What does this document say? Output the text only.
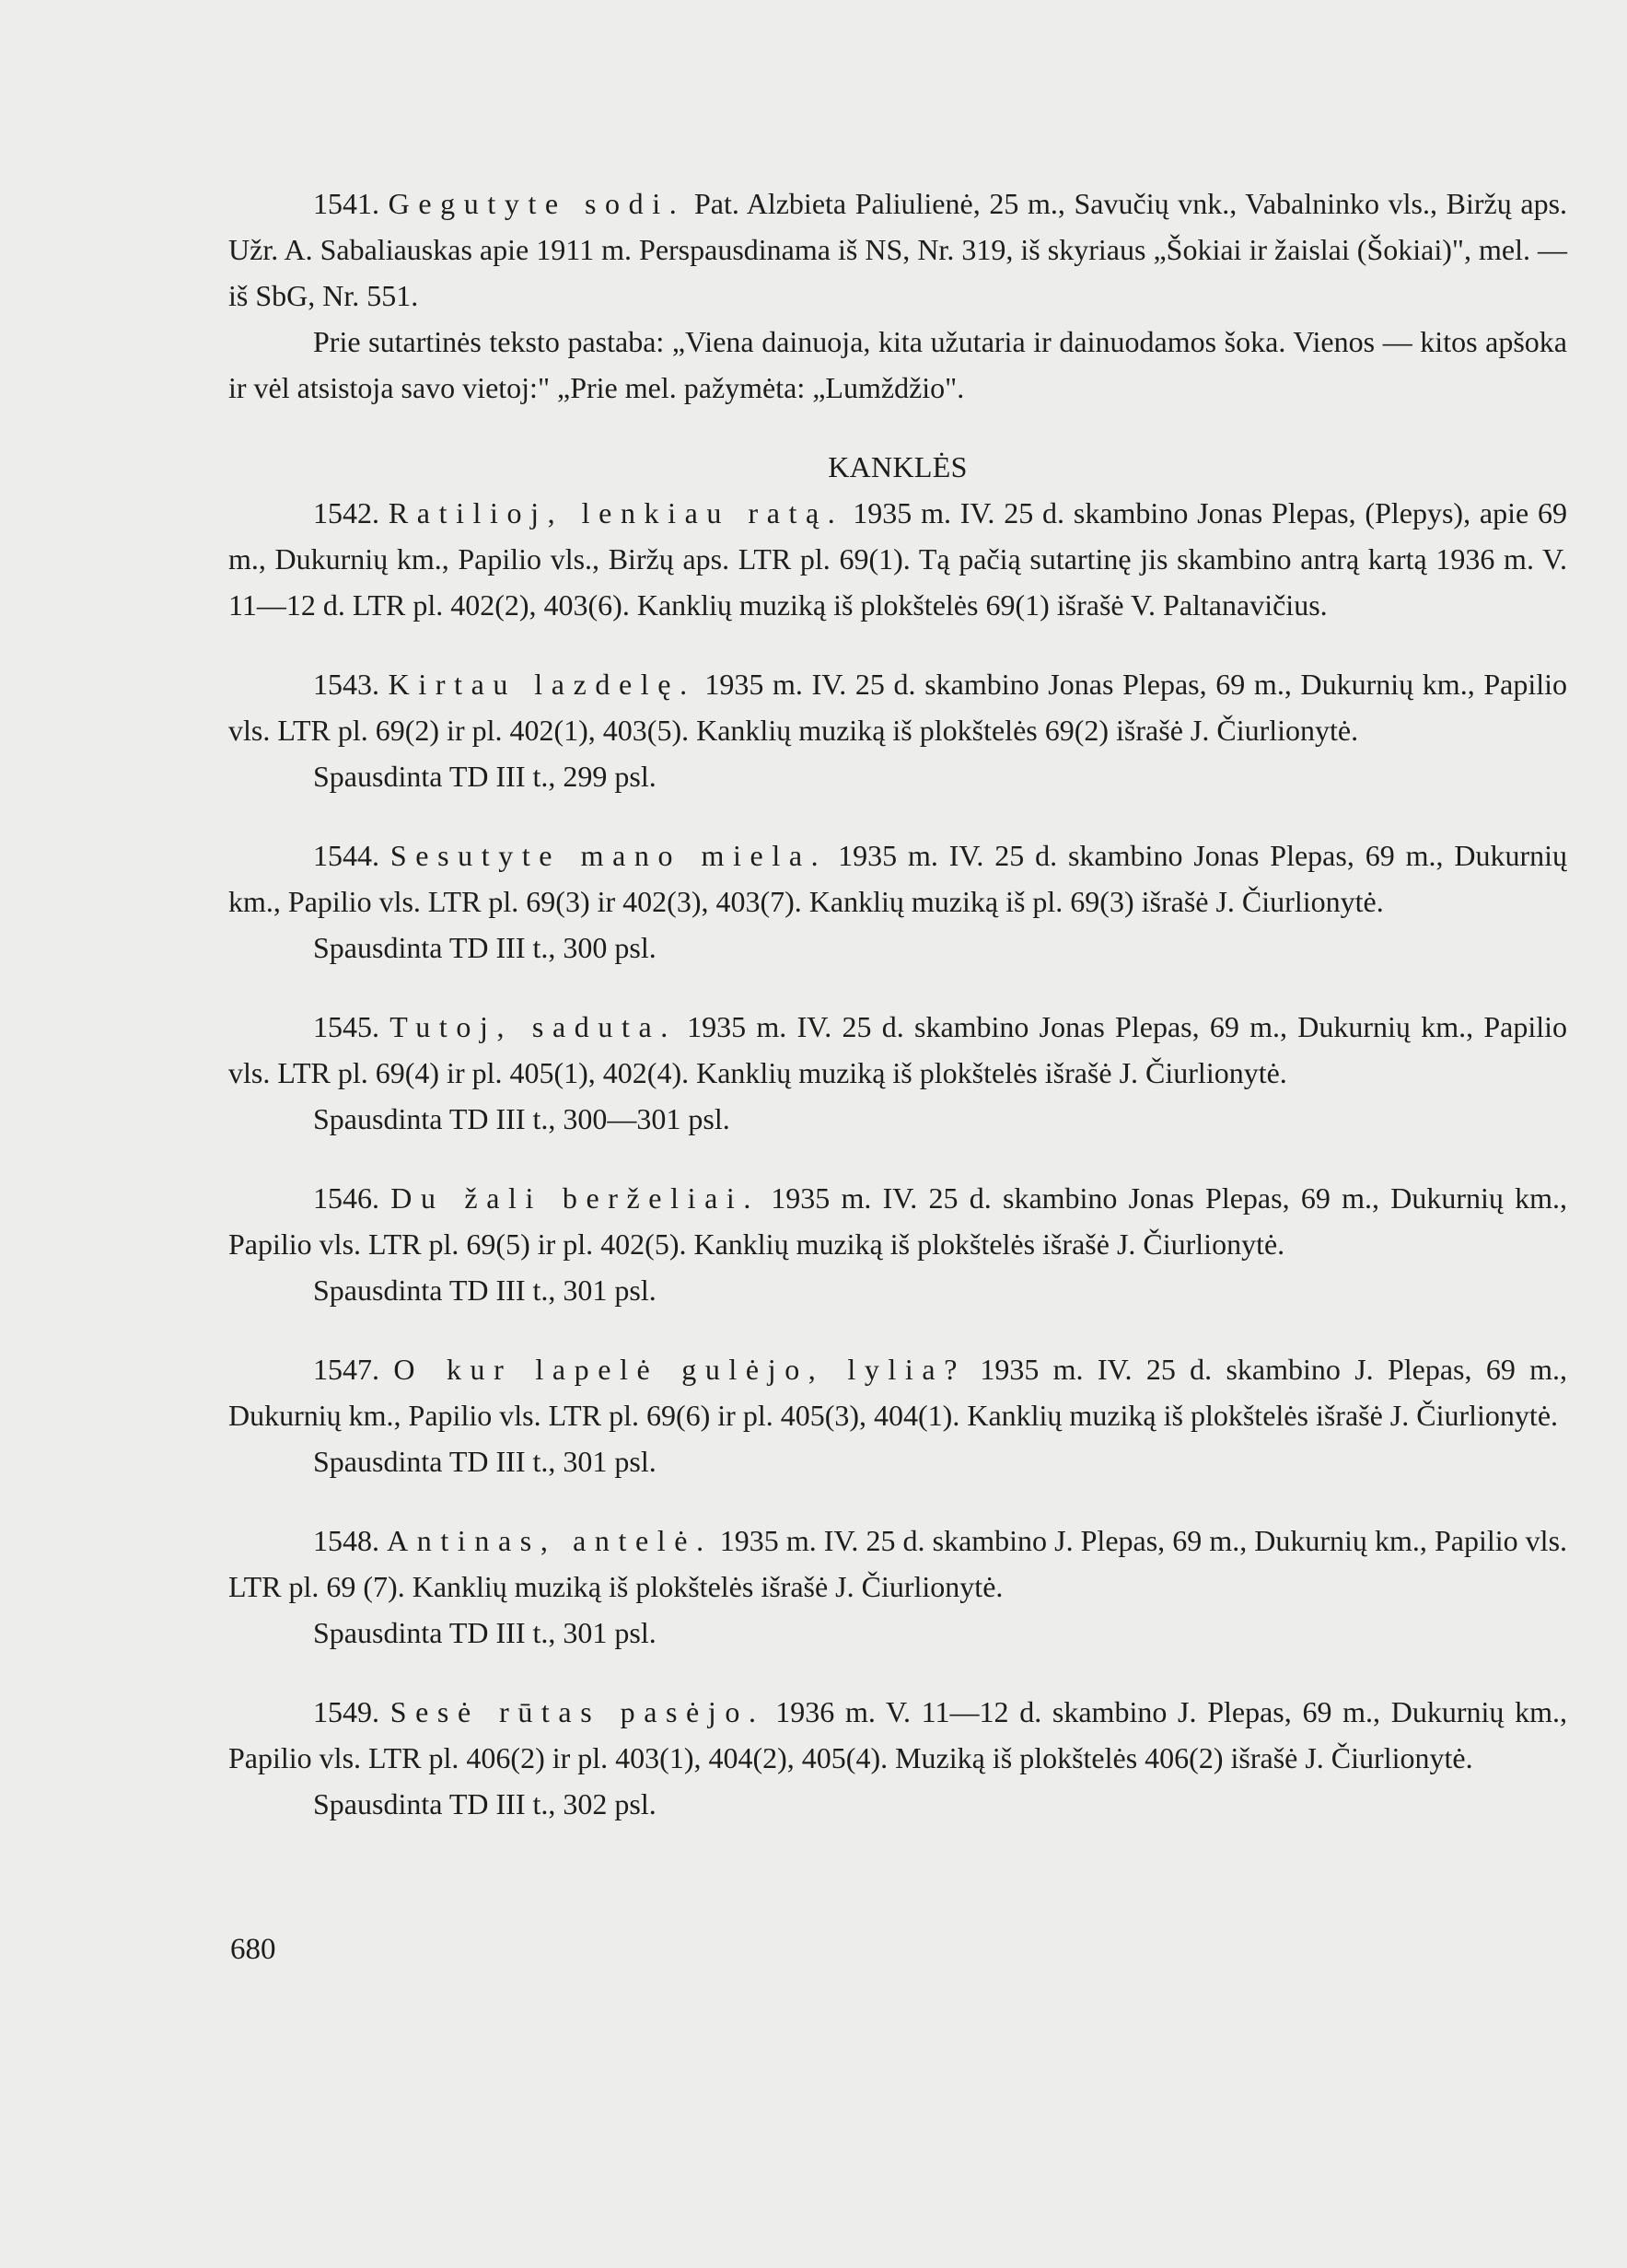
1541. Gegutyte sodi. Pat. Alzbieta Paliulienė, 25 m., Savučių vnk., Vabalninko vls., Biržų aps. Užr. A. Sabaliauskas apie 1911 m. Perspausdinama iš NS, Nr. 319, iš skyriaus „Šokiai ir žaislai (Šokiai)", mel. — iš SbG, Nr. 551.

Prie sutartinės teksto pastaba: „Viena dainuoja, kita užutaria ir dainuodamos šoka. Vienos — kitos apšoka ir vėl atsistoja savo vietoj:" „Prie mel. pažymėta: „Lumždžio".

KANKLĖS

1542. Ratilioj, lenkiau ratą. 1935 m. IV. 25 d. skambino Jonas Plepas, (Plepys), apie 69 m., Dukurnių km., Papilio vls., Biržų aps. LTR pl. 69(1). Tą pačią sutartinę jis skambino antrą kartą 1936 m. V. 11—12 d. LTR pl. 402(2), 403(6). Kanklių muziką iš plokštelės 69(1) išrašė V. Paltanavičius.

1543. Kirtau lazdelę. 1935 m. IV. 25 d. skambino Jonas Plepas, 69 m., Dukurnių km., Papilio vls. LTR pl. 69(2) ir pl. 402(1), 403(5). Kanklių muziką iš plokštelės 69(2) išrašė J. Čiurlionytė.

Spausdinta TD III t., 299 psl.

1544. Sesutyte mano miela. 1935 m. IV. 25 d. skambino Jonas Plepas, 69 m., Dukurnių km., Papilio vls. LTR pl. 69(3) ir 402(3), 403(7). Kanklių muziką iš pl. 69(3) išrašė J. Čiurlionytė.

Spausdinta TD III t., 300 psl.

1545. Tutoj, saduta. 1935 m. IV. 25 d. skambino Jonas Plepas, 69 m., Dukurnių km., Papilio vls. LTR pl. 69(4) ir pl. 405(1), 402(4). Kanklių muziką iš plokštelės išrašė J. Čiurlionytė.

Spausdinta TD III t., 300—301 psl.

1546. Du žali berželiai. 1935 m. IV. 25 d. skambino Jonas Plepas, 69 m., Dukurnių km., Papilio vls. LTR pl. 69(5) ir pl. 402(5). Kanklių muziką iš plokštelės išrašė J. Čiurlionytė.

Spausdinta TD III t., 301 psl.

1547. O kur lapelė gulėjo, lylia? 1935 m. IV. 25 d. skambino J. Plepas, 69 m., Dukurnių km., Papilio vls. LTR pl. 69(6) ir pl. 405(3), 404(1). Kanklių muziką iš plokštelės išrašė J. Čiurlionytė.

Spausdinta TD III t., 301 psl.

1548. Antinas, antelė. 1935 m. IV. 25 d. skambino J. Plepas, 69 m., Dukurnių km., Papilio vls. LTR pl. 69 (7). Kanklių muziką iš plokštelės išrašė J. Čiurlionytė.

Spausdinta TD III t., 301 psl.

1549. Sesė rūtas pasėjo. 1936 m. V. 11—12 d. skambino J. Plepas, 69 m., Dukurnių km., Papilio vls. LTR pl. 406(2) ir pl. 403(1), 404(2), 405(4). Muziką iš plokštelės 406(2) išrašė J. Čiurlionytė.

Spausdinta TD III t., 302 psl.

680
